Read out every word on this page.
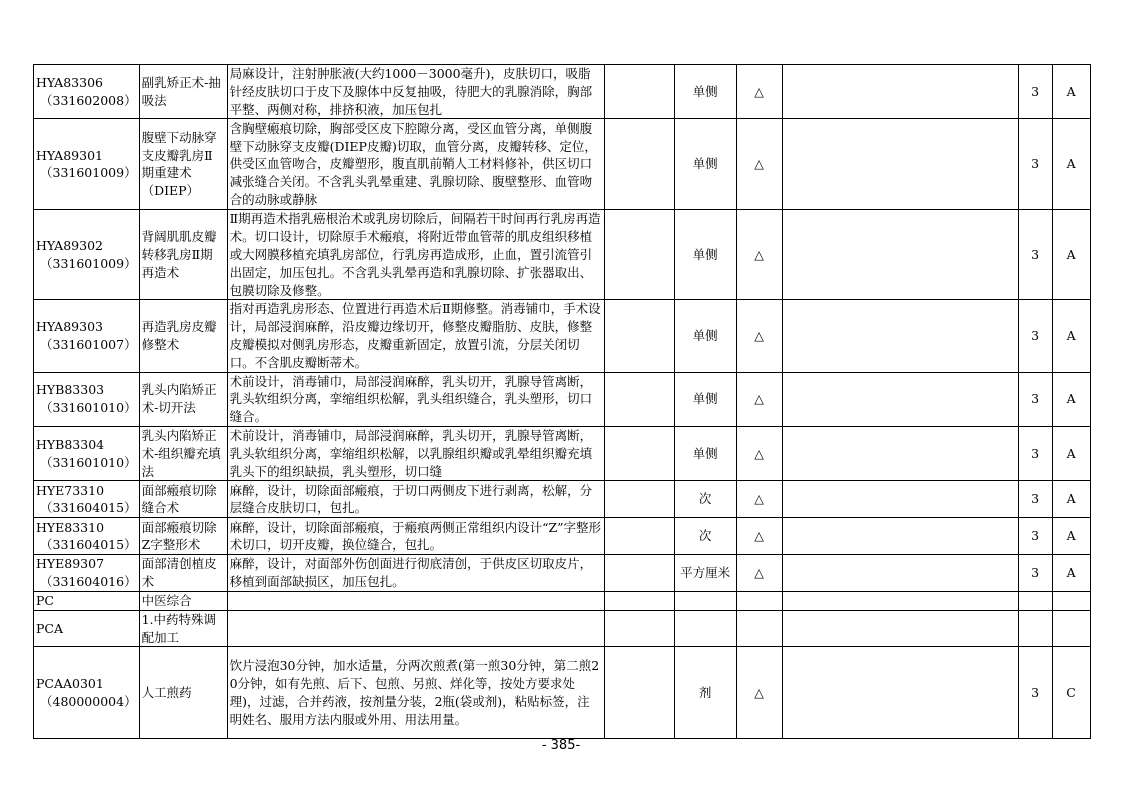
HYA83306
（331602008）	副乳矫正术-抽吸法	局麻设计，注射肿胀液(大约1000－3000毫升)，皮肤切口，吸脂针经皮肤切口于皮下及腺体中反复抽吸，待肥大的乳腺消除，胸部平整、两侧对称，排挤积液，加压包扎		单侧	△		3	A
HYA89301
（331601009）	腹壁下动脉穿支皮瓣乳房Ⅱ期重建术（DIEP）	含胸壁瘢痕切除，胸部受区皮下腔隙分离，受区血管分离，单侧腹壁下动脉穿支皮瓣(DIEP皮瓣)切取，血管分离，皮瓣转移、定位，供受区血管吻合，皮瓣塑形，腹直肌前鞘人工材料修补，供区切口减张缝合关闭。不含乳头乳晕重建、乳腺切除、腹壁整形、血管吻合的动脉或静脉		单侧	△		3	A
HYA89302
（331601009）	背阔肌肌皮瓣转移乳房Ⅱ期再造术	Ⅱ期再造术指乳癌根治术或乳房切除后，间隔若干时间再行乳房再造术。切口设计，切除原手术瘢痕，将附近带血管蒂的肌皮组织移植或大网膜移植充填乳房部位，行乳房再造成形，止血，置引流管引出固定，加压包扎。不含乳头乳晕再造和乳腺切除、扩张器取出、包膜切除及修整。		单侧	△		3	A
HYA89303
（331601007）	再造乳房皮瓣修整术	指对再造乳房形态、位置进行再造术后Ⅱ期修整。消毒铺巾，手术设计，局部浸润麻醉，沿皮瓣边缘切开，修整皮瓣脂肪、皮肤，修整皮瓣模拟对侧乳房形态，皮瓣重新固定，放置引流，分层关闭切口。不含肌皮瓣断蒂术。		单侧	△		3	A
HYB83303
（331601010）	乳头内陷矫正术-切开法	术前设计，消毒铺巾，局部浸润麻醉，乳头切开，乳腺导管离断，乳头软组织分离，挛缩组织松解，乳头组织缝合，乳头塑形，切口缝合。		单侧	△		3	A
HYB83304
（331601010）	乳头内陷矫正术-组织瓣充填法	术前设计，消毒铺巾，局部浸润麻醉，乳头切开，乳腺导管离断，乳头软组织分离，挛缩组织松解，以乳腺组织瓣或乳晕组织瓣充填乳头下的组织缺损，乳头塑形，切口缝		单侧	△		3	A
HYE73310
（331604015）	面部瘢痕切除缝合术	麻醉，设计，切除面部瘢痕，于切口两侧皮下进行剥离，松解，分层缝合皮肤切口，包扎。		次	△		3	A
HYE83310
（331604015）	面部瘢痕切除Z字整形术	麻醉，设计，切除面部瘢痕，于瘢痕两侧正常组织内设计“Z”字整形术切口，切开皮瓣，换位缝合，包扎。		次	△		3	A
HYE89307
（331604016）	面部清创植皮术	麻醉，设计，对面部外伤创面进行彻底清创，于供皮区切取皮片，移植到面部缺损区，加压包扎。		平方厘米	△		3	A
PC	中医综合							
PCA	1.中药特殊调配加工							
PCAA0301
（480000004）	人工煎药	饮片浸泡30分钟，加水适量，分两次煎煮(第一煎30分钟，第二煎20分钟，如有先煎、后下、包煎、另煎、烊化等，按处方要求处理)，过滤，合并药液，按剂量分装，2瓶(袋或剂)，粘贴标签，注明姓名、服用方法内服或外用、用法用量。		剂	△		3	C
- 385-
